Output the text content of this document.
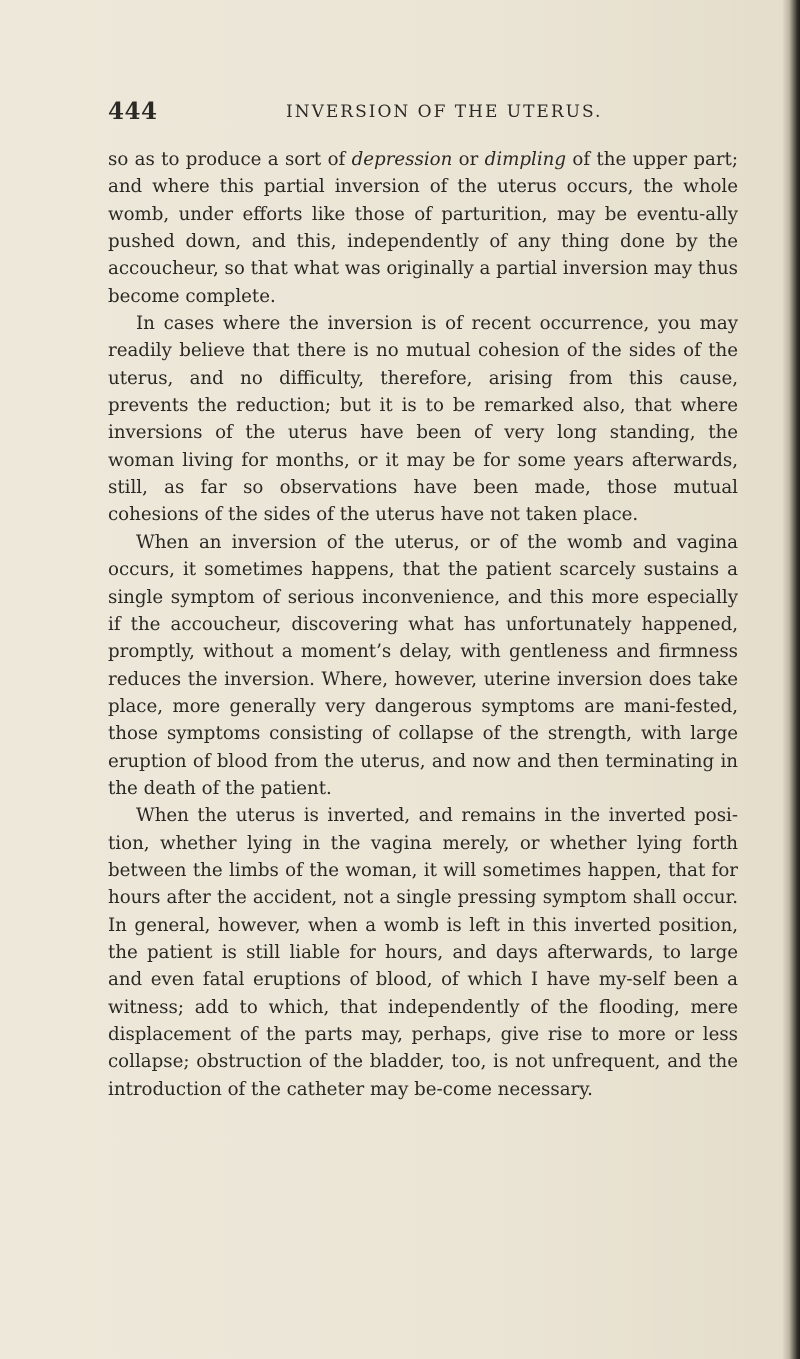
444	INVERSION OF THE UTERUS.

so as to produce a sort of depression or dimpling of the upper part; and where this partial inversion of the uterus occurs, the whole womb, under efforts like those of parturition, may be eventu-ally pushed down, and this, independently of any thing done by the accoucheur, so that what was originally a partial inversion may thus become complete.

In cases where the inversion is of recent occurrence, you may readily believe that there is no mutual cohesion of the sides of the uterus, and no difficulty, therefore, arising from this cause, prevents the reduction; but it is to be remarked also, that where inversions of the uterus have been of very long standing, the woman living for months, or it may be for some years afterwards, still, as far so observations have been made, those mutual cohesions of the sides of the uterus have not taken place.

When an inversion of the uterus, or of the womb and vagina occurs, it sometimes happens, that the patient scarcely sustains a single symptom of serious inconvenience, and this more especially if the accoucheur, discovering what has unfortunately happened, promptly, without a moment’s delay, with gentleness and firmness reduces the inversion. Where, however, uterine inversion does take place, more generally very dangerous symptoms are mani-fested, those symptoms consisting of collapse of the strength, with large eruption of blood from the uterus, and now and then terminating in the death of the patient.

When the uterus is inverted, and remains in the inverted posi-tion, whether lying in the vagina merely, or whether lying forth between the limbs of the woman, it will sometimes happen, that for hours after the accident, not a single pressing symptom shall occur. In general, however, when a womb is left in this inverted position, the patient is still liable for hours, and days afterwards, to large and even fatal eruptions of blood, of which I have my-self been a witness; add to which, that independently of the flooding, mere displacement of the parts may, perhaps, give rise to more or less collapse; obstruction of the bladder, too, is not unfrequent, and the introduction of the catheter may be-come necessary.
